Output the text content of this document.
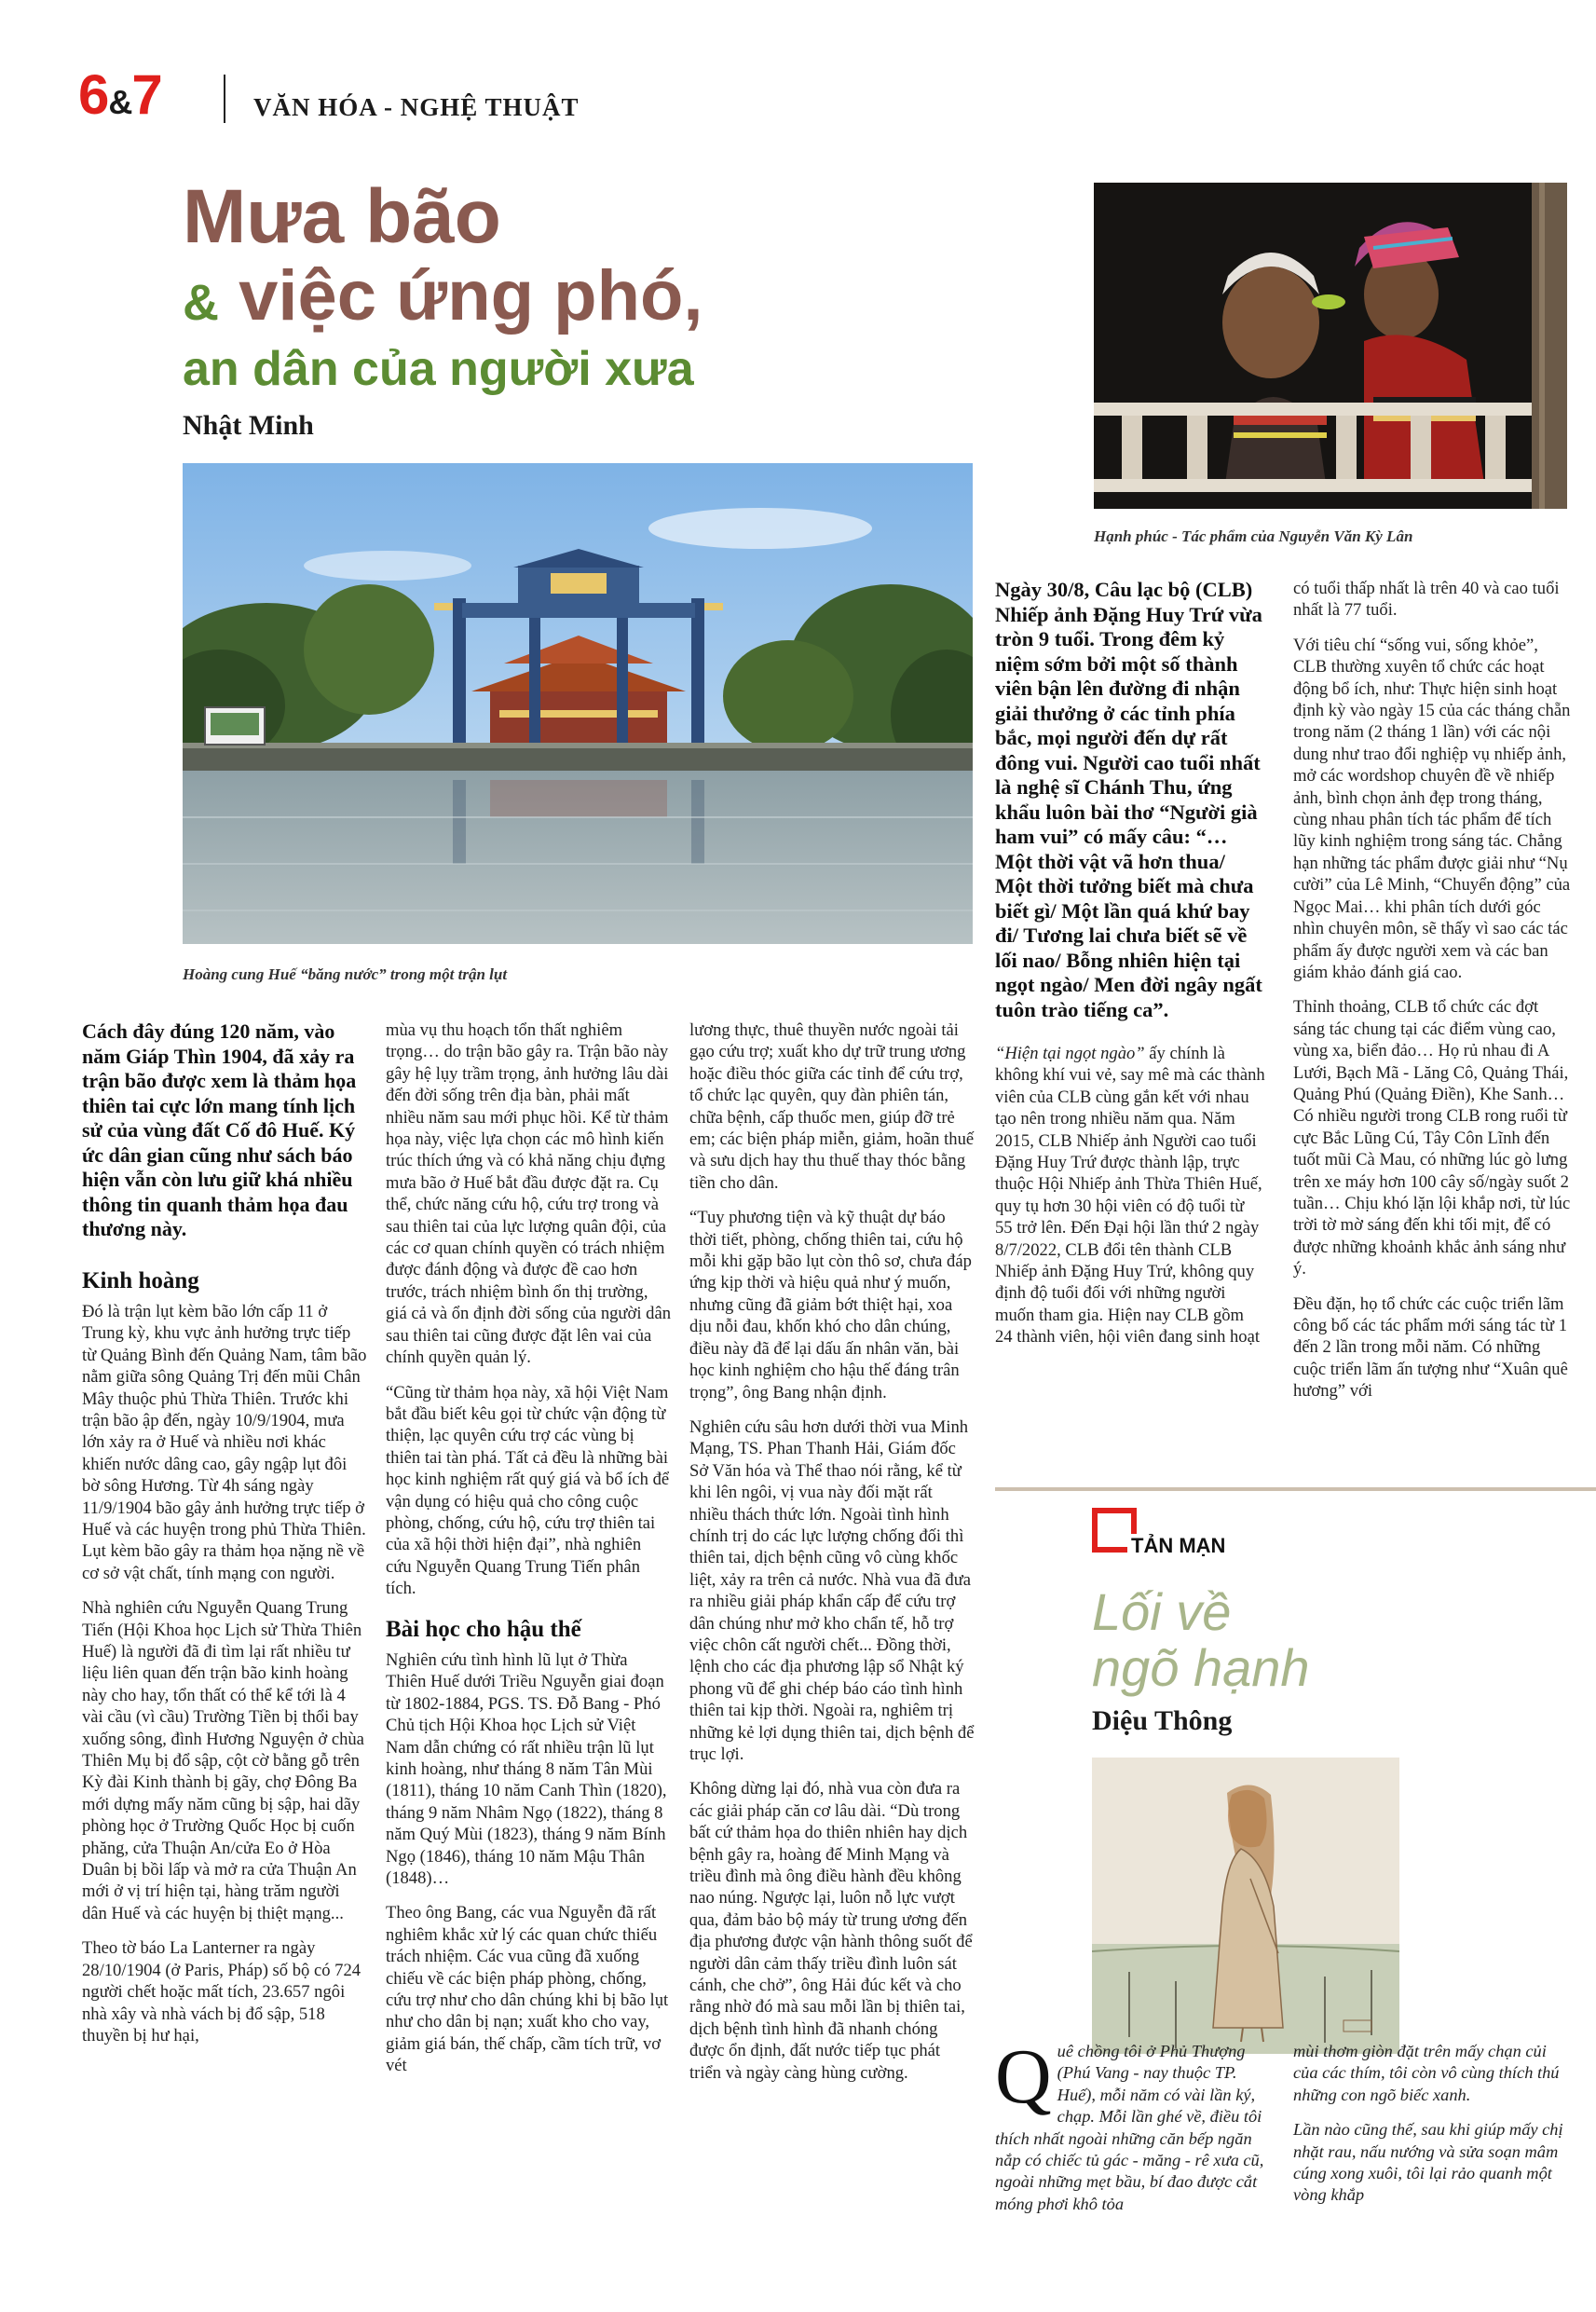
6&7	VĂN HÓA - NGHỆ THUẬT
Mưa bão
& việc ứng phó,
an dân của người xưa
Nhật Minh
Hoàng cung Huế “băng nước” trong một trận lụt

Cách đây đúng 120 năm, vào năm Giáp Thìn 1904, đã xảy ra trận bão được xem là thảm họa thiên tai cực lớn mang tính lịch sử của vùng đất Cố đô Huế. Ký ức dân gian cũng như sách báo hiện vẫn còn lưu giữ khá nhiều thông tin quanh thảm họa đau thương này.

Kinh hoàng

Đó là trận lụt kèm bão lớn cấp 11 ở Trung kỳ, khu vực ảnh hưởng trực tiếp từ Quảng Bình đến Quảng Nam, tâm bão nằm giữa sông Quảng Trị đến mũi Chân Mây thuộc phủ Thừa Thiên. Trước khi trận bão ập đến, ngày 10/9/1904, mưa lớn xảy ra ở Huế và nhiều nơi khác khiến nước dâng cao, gây ngập lụt đôi bờ sông Hương. Từ 4h sáng ngày 11/9/1904 bão gây ảnh hưởng trực tiếp ở Huế và các huyện trong phủ Thừa Thiên. Lụt kèm bão gây ra thảm họa nặng nề về cơ sở vật chất, tính mạng con người.

Nhà nghiên cứu Nguyễn Quang Trung Tiến (Hội Khoa học Lịch sử Thừa Thiên Huế) là người đã đi tìm lại rất nhiều tư liệu liên quan đến trận bão kinh hoàng này cho hay, tổn thất có thể kể tới là 4 vài cầu (vì cầu) Trường Tiền bị thổi bay xuống sông, đình Hương Nguyện ở chùa Thiên Mụ bị đổ sập, cột cờ bằng gỗ trên Kỳ đài Kinh thành bị gãy, chợ Đông Ba mới dựng mấy năm cũng bị sập, hai dãy phòng học ở Trường Quốc Học bị cuốn phăng, cửa Thuận An/cửa Eo ở Hòa Duân bị bồi lấp và mở ra cửa Thuận An mới ở vị trí hiện tại, hàng trăm người dân Huế và các huyện bị thiệt mạng...

Theo tờ báo La Lanterner ra ngày 28/10/1904 (ở Paris, Pháp) số bộ có 724 người chết hoặc mất tích, 23.657 ngôi nhà xây và nhà vách bị đổ sập, 518 thuyền bị hư hại,

mùa vụ thu hoạch tổn thất nghiêm trọng… do trận bão gây ra. Trận bão này gây hệ lụy trầm trọng, ảnh hưởng lâu dài đến đời sống trên địa bàn, phải mất nhiều năm sau mới phục hồi. Kể từ thảm họa này, việc lựa chọn các mô hình kiến trúc thích ứng và có khả năng chịu đựng mưa bão ở Huế bắt đầu được đặt ra. Cụ thể, chức năng cứu hộ, cứu trợ trong và sau thiên tai của lực lượng quân đội, của các cơ quan chính quyền có trách nhiệm được đánh động và được đề cao hơn trước, trách nhiệm bình ổn thị trường, giá cả và ổn định đời sống của người dân sau thiên tai cũng được đặt lên vai của chính quyền quản lý.

“Cũng từ thảm họa này, xã hội Việt Nam bắt đầu biết kêu gọi từ chức vận động từ thiện, lạc quyên cứu trợ các vùng bị thiên tai tàn phá. Tất cả đều là những bài học kinh nghiệm rất quý giá và bổ ích để vận dụng có hiệu quả cho công cuộc phòng, chống, cứu hộ, cứu trợ thiên tai của xã hội thời hiện đại”, nhà nghiên cứu Nguyễn Quang Trung Tiến phân tích.

Bài học cho hậu thế

Nghiên cứu tình hình lũ lụt ở Thừa Thiên Huế dưới Triều Nguyễn giai đoạn từ 1802-1884, PGS. TS. Đỗ Bang - Phó Chủ tịch Hội Khoa học Lịch sử Việt Nam dẫn chứng có rất nhiều trận lũ lụt kinh hoàng, như tháng 8 năm Tân Mùi (1811), tháng 10 năm Canh Thìn (1820), tháng 9 năm Nhâm Ngọ (1822), tháng 8 năm Quý Mùi (1823), tháng 9 năm Bính Ngọ (1846), tháng 10 năm Mậu Thân (1848)…

Theo ông Bang, các vua Nguyễn đã rất nghiêm khắc xử lý các quan chức thiếu trách nhiệm. Các vua cũng đã xuống chiếu về các biện pháp phòng, chống, cứu trợ như cho dân chúng khi bị bão lụt như cho dân bị nạn; xuất kho cho vay, giảm giá bán, thế chấp, cầm tích trữ, vơ vét

lương thực, thuê thuyền nước ngoài tải gạo cứu trợ; xuất kho dự trữ trung ương hoặc điều thóc giữa các tỉnh để cứu trợ, tổ chức lạc quyên, quy đàn phiên tán, chữa bệnh, cấp thuốc men, giúp đỡ trẻ em; các biện pháp miễn, giảm, hoãn thuế và sưu dịch hay thu thuế thay thóc bằng tiền cho dân.

“Tuy phương tiện và kỹ thuật dự báo thời tiết, phòng, chống thiên tai, cứu hộ mỗi khi gặp bão lụt còn thô sơ, chưa đáp ứng kịp thời và hiệu quả như ý muốn, nhưng cũng đã giảm bớt thiệt hại, xoa dịu nỗi đau, khốn khó cho dân chúng, điều này đã để lại dấu ấn nhân văn, bài học kinh nghiệm cho hậu thế đáng trân trọng”, ông Bang nhận định.

Nghiên cứu sâu hơn dưới thời vua Minh Mạng, TS. Phan Thanh Hải, Giám đốc Sở Văn hóa và Thể thao nói rằng, kể từ khi lên ngôi, vị vua này đối mặt rất nhiều thách thức lớn. Ngoài tình hình chính trị do các lực lượng chống đối thì thiên tai, dịch bệnh cũng vô cùng khốc liệt, xảy ra trên cả nước. Nhà vua đã đưa ra nhiều giải pháp khẩn cấp để cứu trợ dân chúng như mở kho chẩn tế, hỗ trợ việc chôn cất người chết... Đồng thời, lệnh cho các địa phương lập sổ Nhật ký phong vũ để ghi chép báo cáo tình hình thiên tai kịp thời. Ngoài ra, nghiêm trị những kẻ lợi dụng thiên tai, dịch bệnh để trục lợi.

Không dừng lại đó, nhà vua còn đưa ra các giải pháp căn cơ lâu dài. “Dù trong bất cứ thảm họa do thiên nhiên hay dịch bệnh gây ra, hoàng đế Minh Mạng và triều đình mà ông điều hành đều không nao núng. Ngược lại, luôn nỗ lực vượt qua, đảm bảo bộ máy từ trung ương đến địa phương được vận hành thông suốt để người dân cảm thấy triều đình luôn sát cánh, che chở”, ông Hải đúc kết và cho rằng nhờ đó mà sau mỗi lần bị thiên tai, dịch bệnh tình hình đã nhanh chóng được ổn định, đất nước tiếp tục phát triển và ngày càng hùng cường.

Hạnh phúc - Tác phẩm của Nguyễn Văn Kỳ Lân

Ngày 30/8, Câu lạc bộ (CLB) Nhiếp ảnh Đặng Huy Trứ vừa tròn 9 tuổi. Trong đêm kỷ niệm sớm bởi một số thành viên bận lên đường đi nhận giải thưởng ở các tỉnh phía bắc, mọi người đến dự rất đông vui. Người cao tuổi nhất là nghệ sĩ Chánh Thu, ứng khẩu luôn bài thơ “Người già ham vui” có mấy câu: “… Một thời vật vã hơn thua/ Một thời tưởng biết mà chưa biết gì/ Một lần quá khứ bay đi/ Tương lai chưa biết sẽ về lối nao/ Bỗng nhiên hiện tại ngọt ngào/ Men đời ngây ngất tuôn trào tiếng ca”.

“Hiện tại ngọt ngào” ấy chính là không khí vui vẻ, say mê mà các thành viên của CLB cùng gắn kết với nhau tạo nên trong nhiều năm qua. Năm 2015, CLB Nhiếp ảnh Người cao tuổi Đặng Huy Trứ được thành lập, trực thuộc Hội Nhiếp ảnh Thừa Thiên Huế, quy tụ hơn 30 hội viên có độ tuổi từ 55 trở lên. Đến Đại hội lần thứ 2 ngày 8/7/2022, CLB đổi tên thành CLB Nhiếp ảnh Đặng Huy Trứ, không quy định độ tuổi đối với những người muốn tham gia. Hiện nay CLB gồm 24 thành viên, hội viên đang sinh hoạt

có tuổi thấp nhất là trên 40 và cao tuổi nhất là 77 tuổi.

Với tiêu chí “sống vui, sống khỏe”, CLB thường xuyên tổ chức các hoạt động bổ ích, như: Thực hiện sinh hoạt định kỳ vào ngày 15 của các tháng chẵn trong năm (2 tháng 1 lần) với các nội dung như trao đổi nghiệp vụ nhiếp ảnh, mở các wordshop chuyên đề về nhiếp ảnh, bình chọn ảnh đẹp trong tháng, cùng nhau phân tích tác phẩm để tích lũy kinh nghiệm trong sáng tác. Chẳng hạn những tác phẩm được giải như “Nụ cười” của Lê Minh, “Chuyển động” của Ngọc Mai… khi phân tích dưới góc nhìn chuyên môn, sẽ thấy vì sao các tác phẩm ấy được người xem và các ban giám khảo đánh giá cao.

Thỉnh thoảng, CLB tổ chức các đợt sáng tác chung tại các điểm vùng cao, vùng xa, biển đảo… Họ rủ nhau đi A Lưới, Bạch Mã - Lăng Cô, Quảng Thái, Quảng Phú (Quảng Điền), Khe Sanh… Có nhiều người trong CLB rong ruổi từ cực Bắc Lũng Cú, Tây Côn Lĩnh đến tuốt mũi Cà Mau, có những lúc gò lưng trên xe máy hơn 100 cây số/ngày suốt 2 tuần… Chịu khó lặn lội khắp nơi, từ lúc trời tờ mờ sáng đến khi tối mịt, để có được những khoảnh khắc ảnh sáng như ý.

Đều đặn, họ tổ chức các cuộc triển lãm công bố các tác phẩm mới sáng tác từ 1 đến 2 lần trong mỗi năm. Có những cuộc triển lãm ấn tượng như “Xuân quê hương” với

TẢN MẠN
Lối về
ngõ hạnh
Diệu Thông
Q uê chồng tôi ở Phủ Thượng (Phú Vang - nay thuộc TP. Huế), mỗi năm có vài lần ký, chạp. Mỗi lần ghé về, điều tôi thích nhất ngoài những căn bếp ngăn nắp có chiếc tủ gác - măng - rê xưa cũ, ngoài những mẹt bầu, bí đao được cắt móng phơi khô tỏa

mùi thơm giòn đặt trên mấy chạn củi của các thím, tôi còn vô cùng thích thú những con ngõ biếc xanh.

Lần nào cũng thế, sau khi giúp mấy chị nhặt rau, nấu nướng và sửa soạn mâm cúng xong xuôi, tôi lại rảo quanh một vòng khắp
